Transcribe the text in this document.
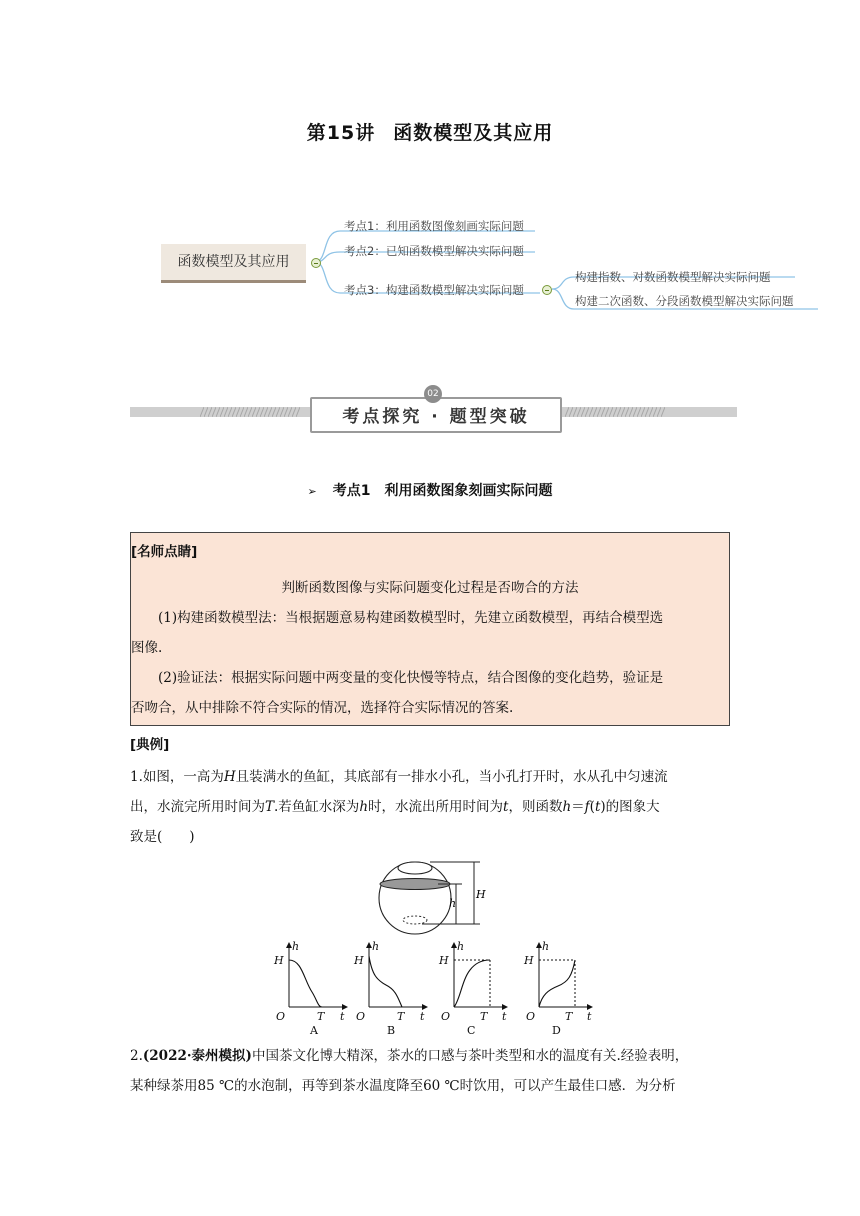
第15讲 函数模型及其应用
函数模型及其应用
考点1：利用函数图像刻画实际问题
考点2：已知函数模型解决实际问题
考点3：构建函数模型解决实际问题
构建指数、对数函数模型解决实际问题
构建二次函数、分段函数模型解决实际问题
考点探究 · 题型突破
02
➢ 考点1　利用函数图象刻画实际问题
[名师点睛]
判断函数图像与实际问题变化过程是否吻合的方法
(1)构建函数模型法：当根据题意易构建函数模型时，先建立函数模型，再结合模型选
图像.
(2)验证法：根据实际问题中两变量的变化快慢等特点，结合图像的变化趋势，验证是
否吻合，从中排除不符合实际的情况，选择符合实际情况的答案.
[典例]
1.如图，一高为H且装满水的鱼缸，其底部有一排水小孔，当小孔打开时，水从孔中匀速流
出，水流完所用时间为T.若鱼缸水深为h时，水流出所用时间为t，则函数h＝f(t)的图象大
致是(　　)
H
h
H
h
O	T t
A
H
h
O	T t
B
H
h
O	T t
C
H
h
O	T t
D
2.(2022·泰州模拟)中国茶文化博大精深，茶水的口感与茶叶类型和水的温度有关.经验表明，
某种绿茶用85 ℃的水泡制，再等到茶水温度降至60 ℃时饮用，可以产生最佳口感．为分析
